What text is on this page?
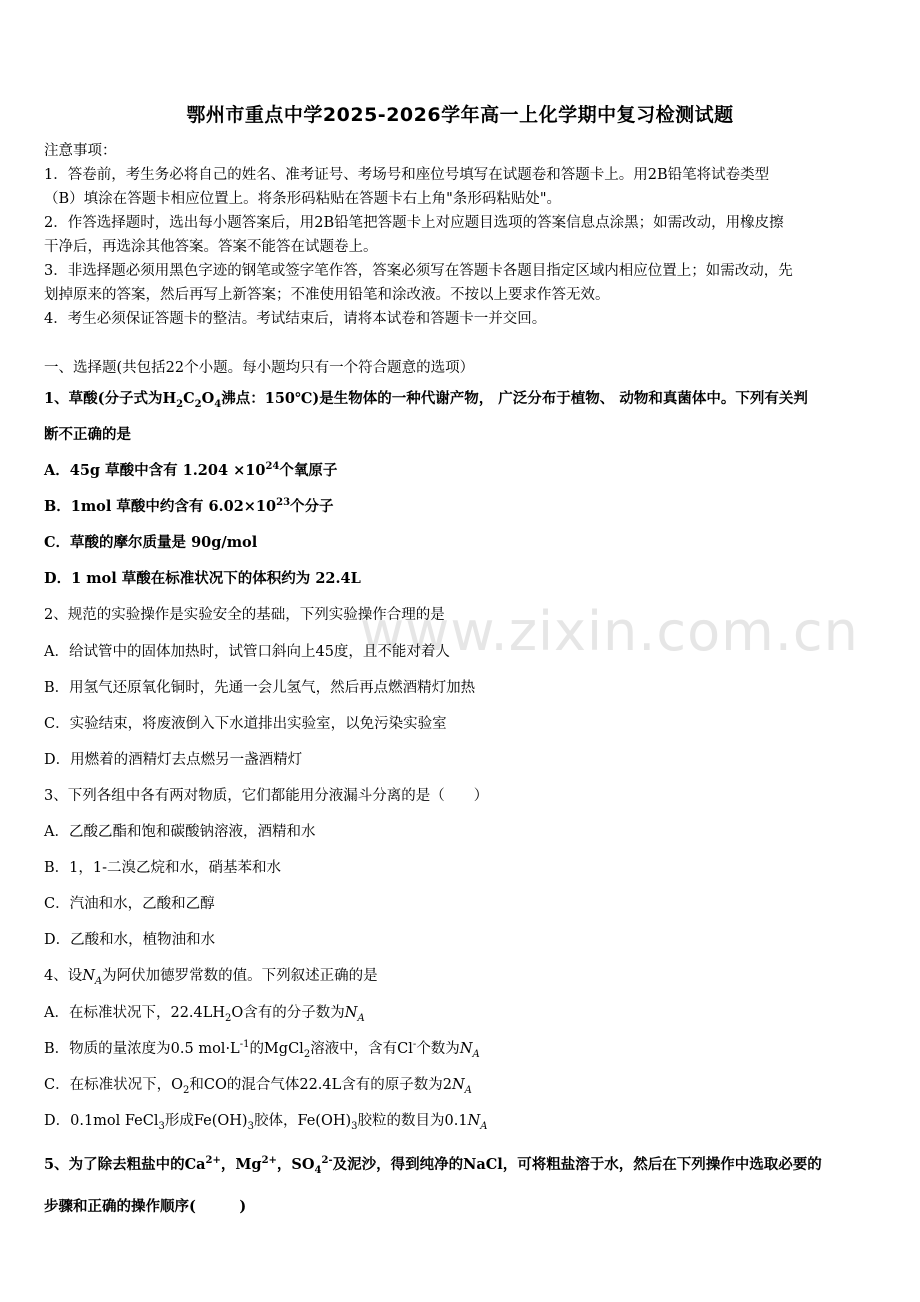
www.zixin.com.cn
鄂州市重点中学2025-2026学年高一上化学期中复习检测试题
注意事项：
1．答卷前，考生务必将自己的姓名、准考证号、考场号和座位号填写在试题卷和答题卡上。用2B铅笔将试卷类型
（B）填涂在答题卡相应位置上。将条形码粘贴在答题卡右上角"条形码粘贴处"。
2．作答选择题时，选出每小题答案后，用2B铅笔把答题卡上对应题目选项的答案信息点涂黑；如需改动，用橡皮擦
干净后，再选涂其他答案。答案不能答在试题卷上。
3．非选择题必须用黑色字迹的钢笔或签字笔作答，答案必须写在答题卡各题目指定区域内相应位置上；如需改动，先
划掉原来的答案，然后再写上新答案；不准使用铅笔和涂改液。不按以上要求作答无效。
4．考生必须保证答题卡的整洁。考试结束后，请将本试卷和答题卡一并交回。
一、选择题(共包括22个小题。每小题均只有一个符合题意的选项）
1、草酸(分子式为$H_2C_2O_4$沸点：150℃)是生物体的一种代谢产物， 广泛分布于植物、 动物和真菌体中。下列有关判
断不正确的是
A．45g 草酸中含有 $1.204 \times 10^{24}$个氧原子
B．1mol 草酸中约含有 $6.02\times 10^{23}$个分子
C．草酸的摩尔质量是 90g/mol
D．1 mol 草酸在标准状况下的体积约为 22.4L
2、规范的实验操作是实验安全的基础，下列实验操作合理的是
A．给试管中的固体加热时，试管口斜向上45度，且不能对着人
B．用氢气还原氧化铜时，先通一会儿氢气，然后再点燃酒精灯加热
C．实验结束，将废液倒入下水道排出实验室，以免污染实验室
D．用燃着的酒精灯去点燃另一盏酒精灯
3、下列各组中各有两对物质，它们都能用分液漏斗分离的是（　　）
A．乙酸乙酯和饱和碳酸钠溶液，酒精和水
B．1，1-二溴乙烷和水，硝基苯和水
C．汽油和水，乙酸和乙醇
D．乙酸和水，植物油和水
4、设$N_A$为阿伏加德罗常数的值。下列叙述正确的是
A．在标准状况下，$22.4LH_2O$含有的分子数为$N_A$
B．物质的量浓度为0.5 $mol\cdot L^{-1}$的MgCl$_2$溶液中，含有Cl-个数为$N_A$
C．在标准状况下，$O_2$和CO的混合气体22.4L含有的原子数为$2N_A$
D．0.1mol FeCl$_3$形成$Fe(OH)_3$胶体，$Fe(OH)_3$胶粒的数目为$0.1N_A$
5、为了除去粗盐中的$Ca^{2+}$，$Mg^{2+}$，$SO_4^{2-}$及泥沙，得到纯净的NaCl，可将粗盐溶于水，然后在下列操作中选取必要的
步骤和正确的操作顺序(　　　)
